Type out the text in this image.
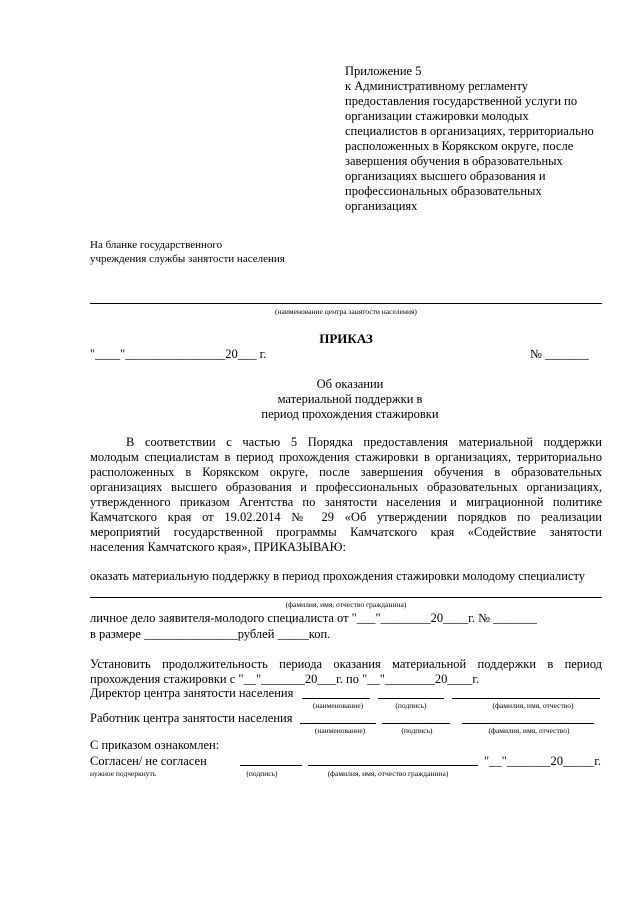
Приложение 5
к Административному регламенту
предоставления государственной услуги по
организации стажировки молодых
специалистов в организациях, территориально
расположенных в Корякском округе, после
завершения обучения в образовательных
организациях высшего образования и
профессиональных образовательных
организациях
На бланке государственного
учреждения службы занятости населения
(наименование центра занятости населения)
ПРИКАЗ
"____"________________20___ г.	№ _______
Об оказании
материальной поддержки в
период прохождения стажировки
В соответствии с частью 5 Порядка предоставления материальной поддержки
молодым специалистам в период прохождения стажировки в организациях, территориально
расположенных в Корякском округе, после завершения обучения в образовательных
организациях высшего образования и профессиональных образовательных организациях,
утвержденного приказом Агентства по занятости населения и миграционной политике
Камчатского края от 19.02.2014 № 29 «Об утверждении порядков по реализации
мероприятий государственной программы Камчатского края «Содействие занятости
населения Камчатского края», ПРИКАЗЫВАЮ:
оказать материальную поддержку в период прохождения стажировки молодому специалисту
(фамилия, имя, отчество гражданина)
личное дело заявителя-молодого специалиста от "___"________20____г. № _______
в размере _______________рублей _____коп.
Установить продолжительность периода оказания материальной поддержки в период
прохождения стажировки с "__"_______20___г. по "__"________20____г.
Директор центра занятости населения
(наименование)	(подпись)	(фамилия, имя, отчество)
Работник центра занятости населения
(наименование)	(подпись)	(фамилия, имя, отчество)
С приказом ознакомлен:
Согласен/ не согласен	"__"_______20_____г.
нужное подчеркнуть	(подпись)	(фамилия, имя, отчество гражданина)
